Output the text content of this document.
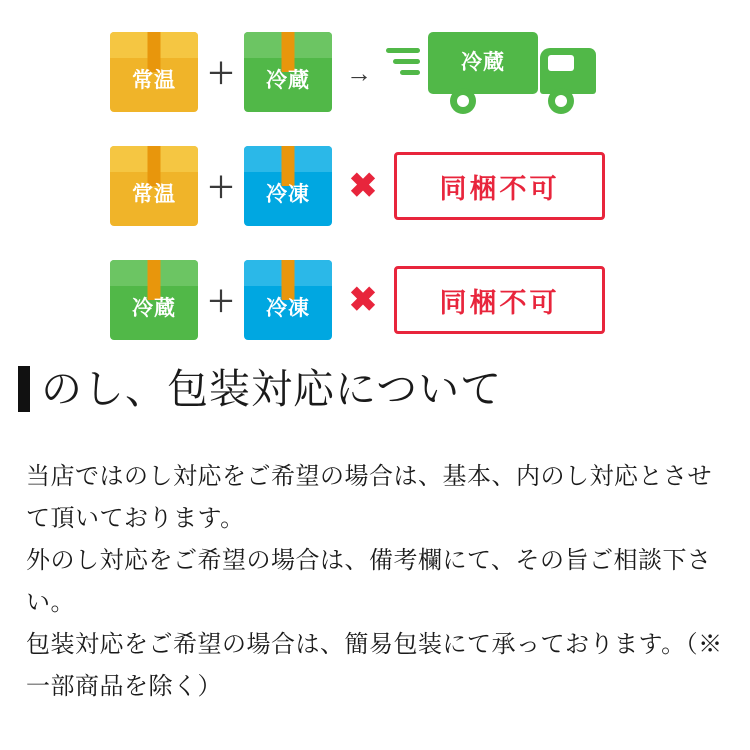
常温	＋	冷蔵	→	冷蔵
常温	＋	冷凍	✖	同梱不可
冷蔵	＋	冷凍	✖	同梱不可
のし、包装対応について

当店ではのし対応をご希望の場合は、基本、内のし対応とさせて頂いております。

外のし対応をご希望の場合は、備考欄にて、その旨ご相談下さい。

包装対応をご希望の場合は、簡易包装にて承っております。（※一部商品を除く）
